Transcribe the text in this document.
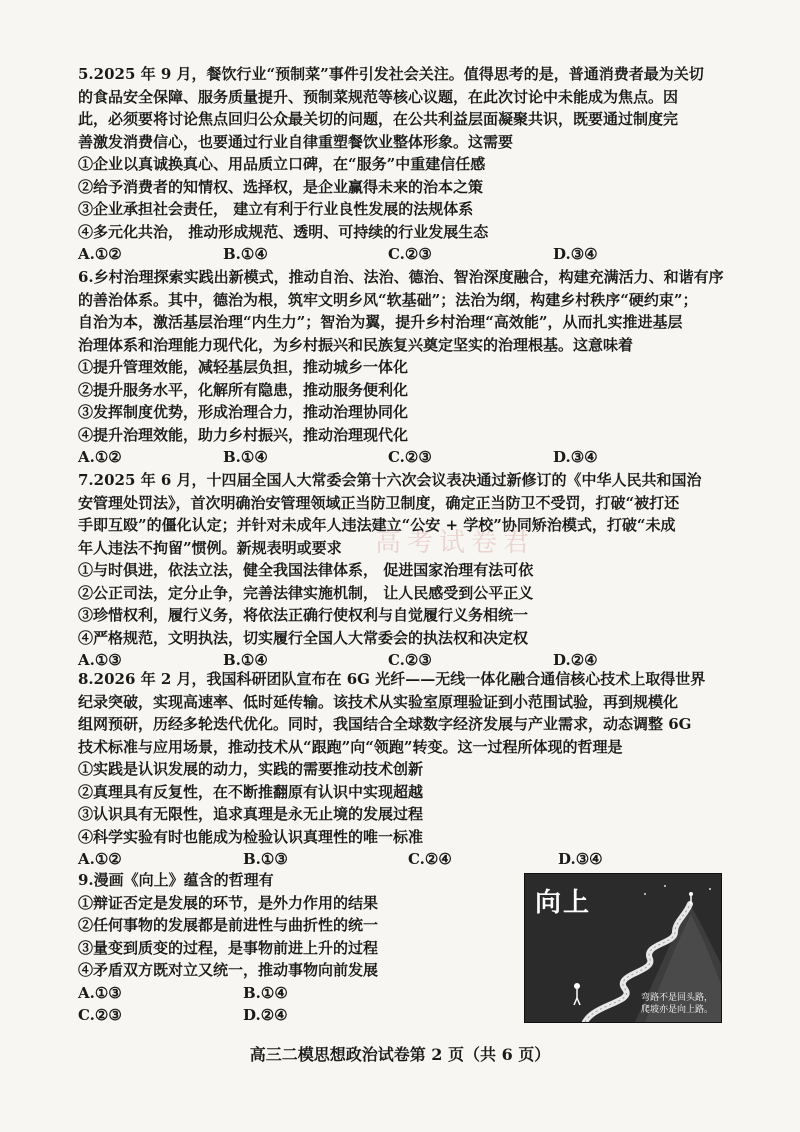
高考试卷君

5.2025 年 9 月，餐饮行业“预制菜”事件引发社会关注。值得思考的是，普通消费者最为关切

的食品安全保障、服务质量提升、预制菜规范等核心议题，在此次讨论中未能成为焦点。因

此，必须要将讨论焦点回归公众最关切的问题，在公共利益层面凝聚共识，既要通过制度完

善激发消费信心，也要通过行业自律重塑餐饮业整体形象。这需要

①企业以真诚换真心、用品质立口碑，在“服务”中重建信任感

②给予消费者的知情权、选择权，是企业赢得未来的治本之策

③企业承担社会责任， 建立有利于行业良性发展的法规体系

④多元化共治， 推动形成规范、透明、可持续的行业发展生态

A.①②	B.①④	C.②③	D.③④

6.乡村治理探索实践出新模式，推动自治、法治、德治、智治深度融合，构建充满活力、和谐有序

的善治体系。其中，德治为根，筑牢文明乡风“软基础”；法治为纲，构建乡村秩序“硬约束”；

自治为本，激活基层治理“内生力”；智治为翼，提升乡村治理“高效能”，从而扎实推进基层

治理体系和治理能力现代化，为乡村振兴和民族复兴奠定坚实的治理根基。这意味着

①提升管理效能，减轻基层负担，推动城乡一体化

②提升服务水平，化解所有隐患，推动服务便利化

③发挥制度优势，形成治理合力，推动治理协同化

④提升治理效能，助力乡村振兴，推动治理现代化

A.①②	B.①④	C.②③	D.③④

7.2025 年 6 月，十四届全国人大常委会第十六次会议表决通过新修订的《中华人民共和国治

安管理处罚法》，首次明确治安管理领域正当防卫制度，确定正当防卫不受罚，打破“被打还

手即互殴”的僵化认定；并针对未成年人违法建立“公安 + 学校”协同矫治模式，打破“未成

年人违法不拘留”惯例。新规表明或要求

①与时俱进，依法立法，健全我国法律体系， 促进国家治理有法可依

②公正司法，定分止争，完善法律实施机制， 让人民感受到公平正义

③珍惜权利，履行义务，将依法正确行使权利与自觉履行义务相统一

④严格规范，文明执法，切实履行全国人大常委会的执法权和决定权

A.①③	B.①④	C.②③	D.②④

8.2026 年 2 月，我国科研团队宣布在 6G 光纤——无线一体化融合通信核心技术上取得世界

纪录突破，实现高速率、低时延传输。该技术从实验室原理验证到小范围试验，再到规模化

组网预研，历经多轮迭代优化。同时，我国结合全球数字经济发展与产业需求，动态调整 6G

技术标准与应用场景，推动技术从“跟跑”向“领跑”转变。这一过程所体现的哲理是

①实践是认识发展的动力，实践的需要推动技术创新

②真理具有反复性，在不断推翻原有认识中实现超越

③认识具有无限性，追求真理是永无止境的发展过程

④科学实验有时也能成为检验认识真理性的唯一标准

A.①②	B.①③	C.②④	D.③④

9.漫画《向上》蕴含的哲理有

①辩证否定是发展的环节，是外力作用的结果

②任何事物的发展都是前进性与曲折性的统一

③量变到质变的过程，是事物前进上升的过程

④矛盾双方既对立又统一，推动事物向前发展

A.①③	B.①④
C.②③	D.②④
向上
弯路不是回头路，
爬坡亦是向上路。
高三二模思想政治试卷第 2 页（共 6 页）
